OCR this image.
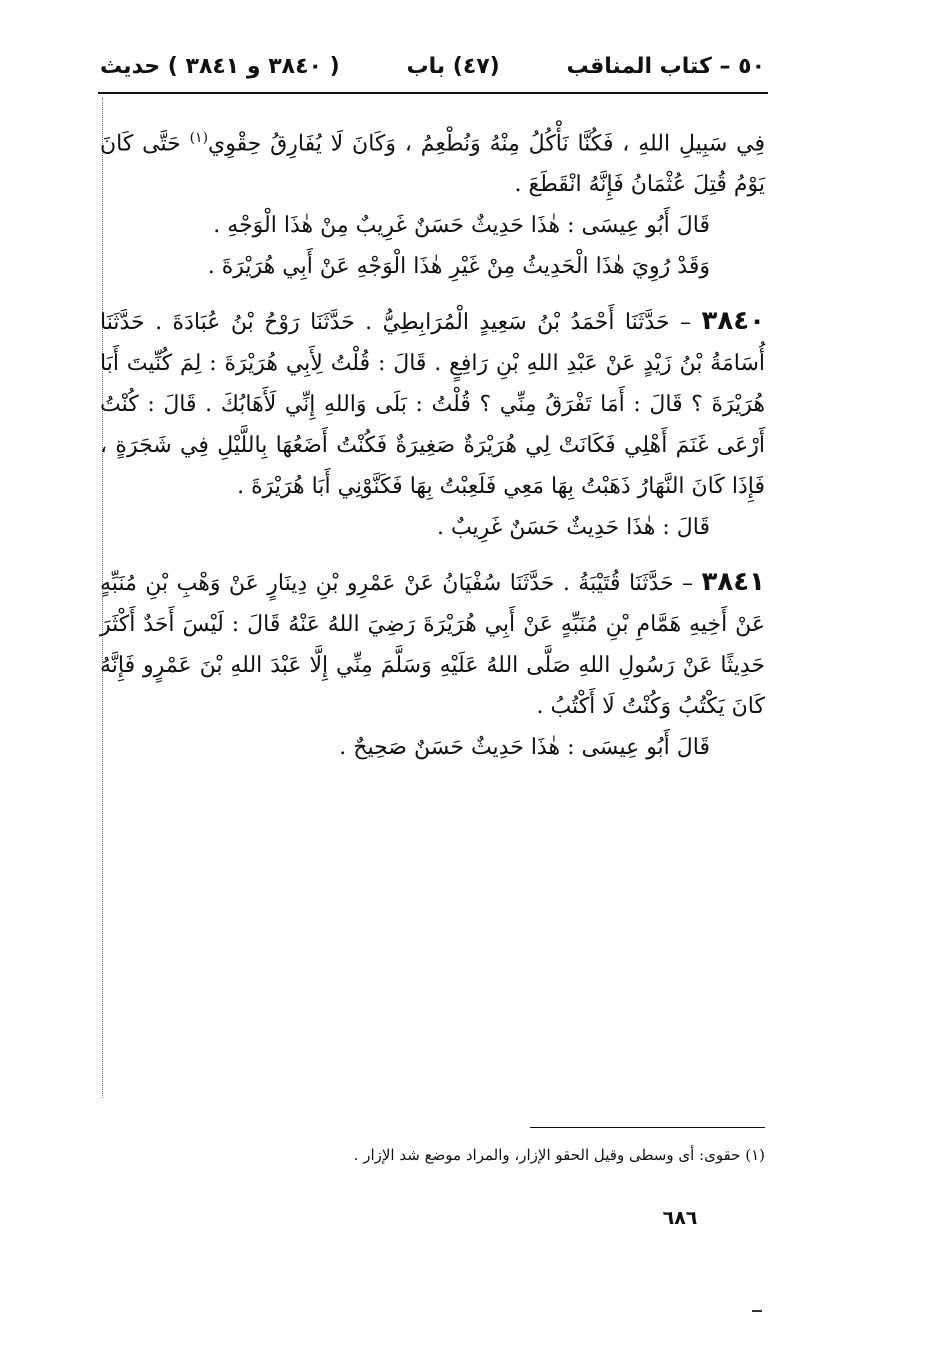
٥٠ – كتاب المناقب
(٤٧) باب
( ٣٨٤٠ و ٣٨٤١ ) حديث

فِي سَبِيلِ اللهِ ، فَكُنَّا نَأْكُلُ مِنْهُ وَنُطْعِمُ ، وَكَانَ لَا يُفَارِقُ حِقْوِي$^{(١)}$ حَتَّى كَانَ يَوْمُ قُتِلَ عُثْمَانُ فَإِنَّهُ انْقَطَعَ .

قَالَ أَبُو عِيسَى : هٰذَا حَدِيثٌ حَسَنٌ غَرِيبٌ مِنْ هٰذَا الْوَجْهِ .

وَقَدْ رُوِيَ هٰذَا الْحَدِيثُ مِنْ غَيْرِ هٰذَا الْوَجْهِ عَنْ أَبِي هُرَيْرَةَ .

٣٨٤٠ – حَدَّثَنَا أَحْمَدُ بْنُ سَعِيدٍ الْمُرَابِطِيُّ . حَدَّثَنَا رَوْحُ بْنُ عُبَادَةَ . حَدَّثَنَا أُسَامَةُ بْنُ زَيْدٍ عَنْ عَبْدِ اللهِ بْنِ رَافِعٍ . قَالَ : قُلْتُ لِأَبِي هُرَيْرَةَ : لِمَ كُنِّيتَ أَبَا هُرَيْرَةَ ؟ قَالَ : أَمَا تَفْرَقُ مِنِّي ؟ قُلْتُ : بَلَى وَاللهِ إِنِّي لَأَهَابُكَ . قَالَ : كُنْتُ أَرْعَى غَنَمَ أَهْلِي فَكَانَتْ لِي هُرَيْرَةٌ صَغِيرَةٌ فَكُنْتُ أَضَعُهَا بِاللَّيْلِ فِي شَجَرَةٍ ، فَإِذَا كَانَ النَّهَارُ ذَهَبْتُ بِهَا مَعِي فَلَعِبْتُ بِهَا فَكَنَّوْنِي أَبَا هُرَيْرَةَ .

قَالَ : هٰذَا حَدِيثٌ حَسَنٌ غَرِيبٌ .

٣٨٤١ – حَدَّثَنَا قُتَيْبَةُ . حَدَّثَنَا سُفْيَانُ عَنْ عَمْرِو بْنِ دِينَارٍ عَنْ وَهْبِ بْنِ مُنَبِّهٍ عَنْ أَخِيهِ هَمَّامِ بْنِ مُنَبِّهٍ عَنْ أَبِي هُرَيْرَةَ رَضِيَ اللهُ عَنْهُ قَالَ : لَيْسَ أَحَدٌ أَكْثَرَ حَدِيثًا عَنْ رَسُولِ اللهِ صَلَّى اللهُ عَلَيْهِ وَسَلَّمَ مِنِّي إِلَّا عَبْدَ اللهِ بْنَ عَمْرٍو فَإِنَّهُ كَانَ يَكْتُبُ وَكُنْتُ لَا أَكْتُبُ .

قَالَ أَبُو عِيسَى : هٰذَا حَدِيثٌ حَسَنٌ صَحِيحٌ .

(١) حقوى: أى وسطى وقيل الحقو الإزار، والمراد موضع شد الإزار .
٦٨٦
